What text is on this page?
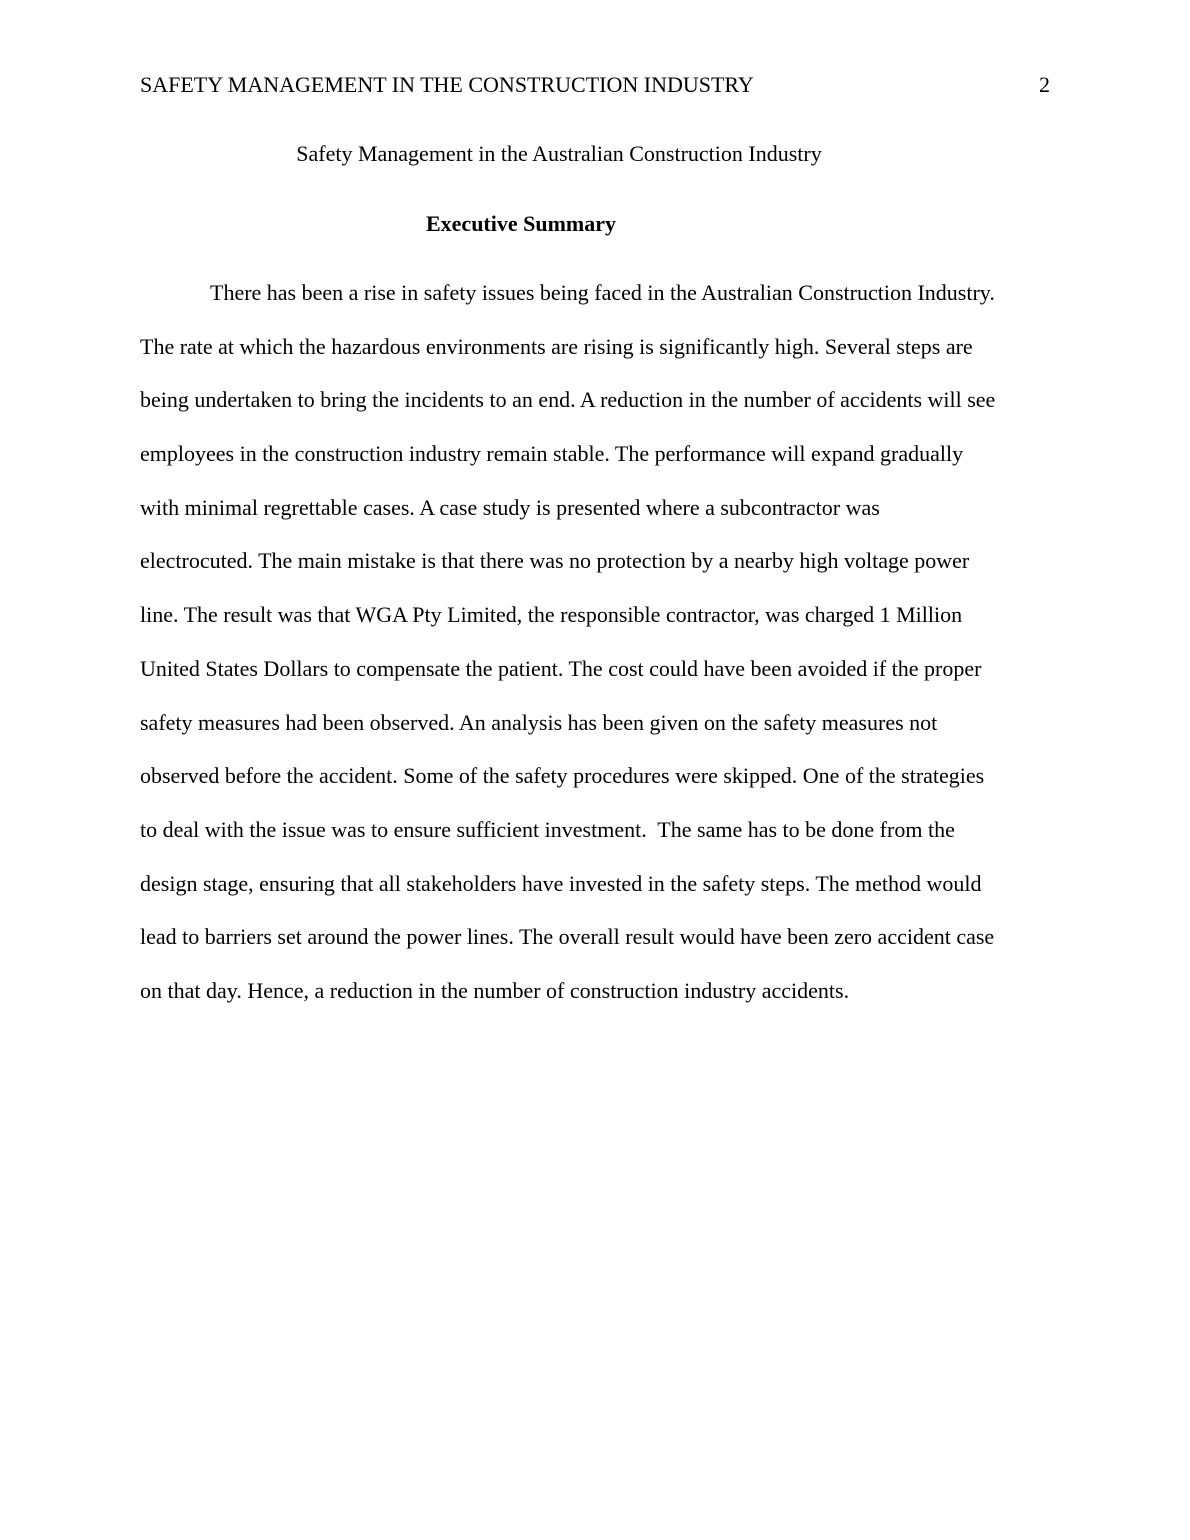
SAFETY MANAGEMENT IN THE CONSTRUCTION INDUSTRY	2
Safety Management in the Australian Construction Industry
Executive Summary
There has been a rise in safety issues being faced in the Australian Construction Industry.
The rate at which the hazardous environments are rising is significantly high. Several steps are
being undertaken to bring the incidents to an end. A reduction in the number of accidents will see
employees in the construction industry remain stable. The performance will expand gradually
with minimal regrettable cases. A case study is presented where a subcontractor was
electrocuted. The main mistake is that there was no protection by a nearby high voltage power
line. The result was that WGA Pty Limited, the responsible contractor, was charged 1 Million
United States Dollars to compensate the patient. The cost could have been avoided if the proper
safety measures had been observed. An analysis has been given on the safety measures not
observed before the accident. Some of the safety procedures were skipped. One of the strategies
to deal with the issue was to ensure sufficient investment.  The same has to be done from the
design stage, ensuring that all stakeholders have invested in the safety steps. The method would
lead to barriers set around the power lines. The overall result would have been zero accident case
on that day. Hence, a reduction in the number of construction industry accidents.
